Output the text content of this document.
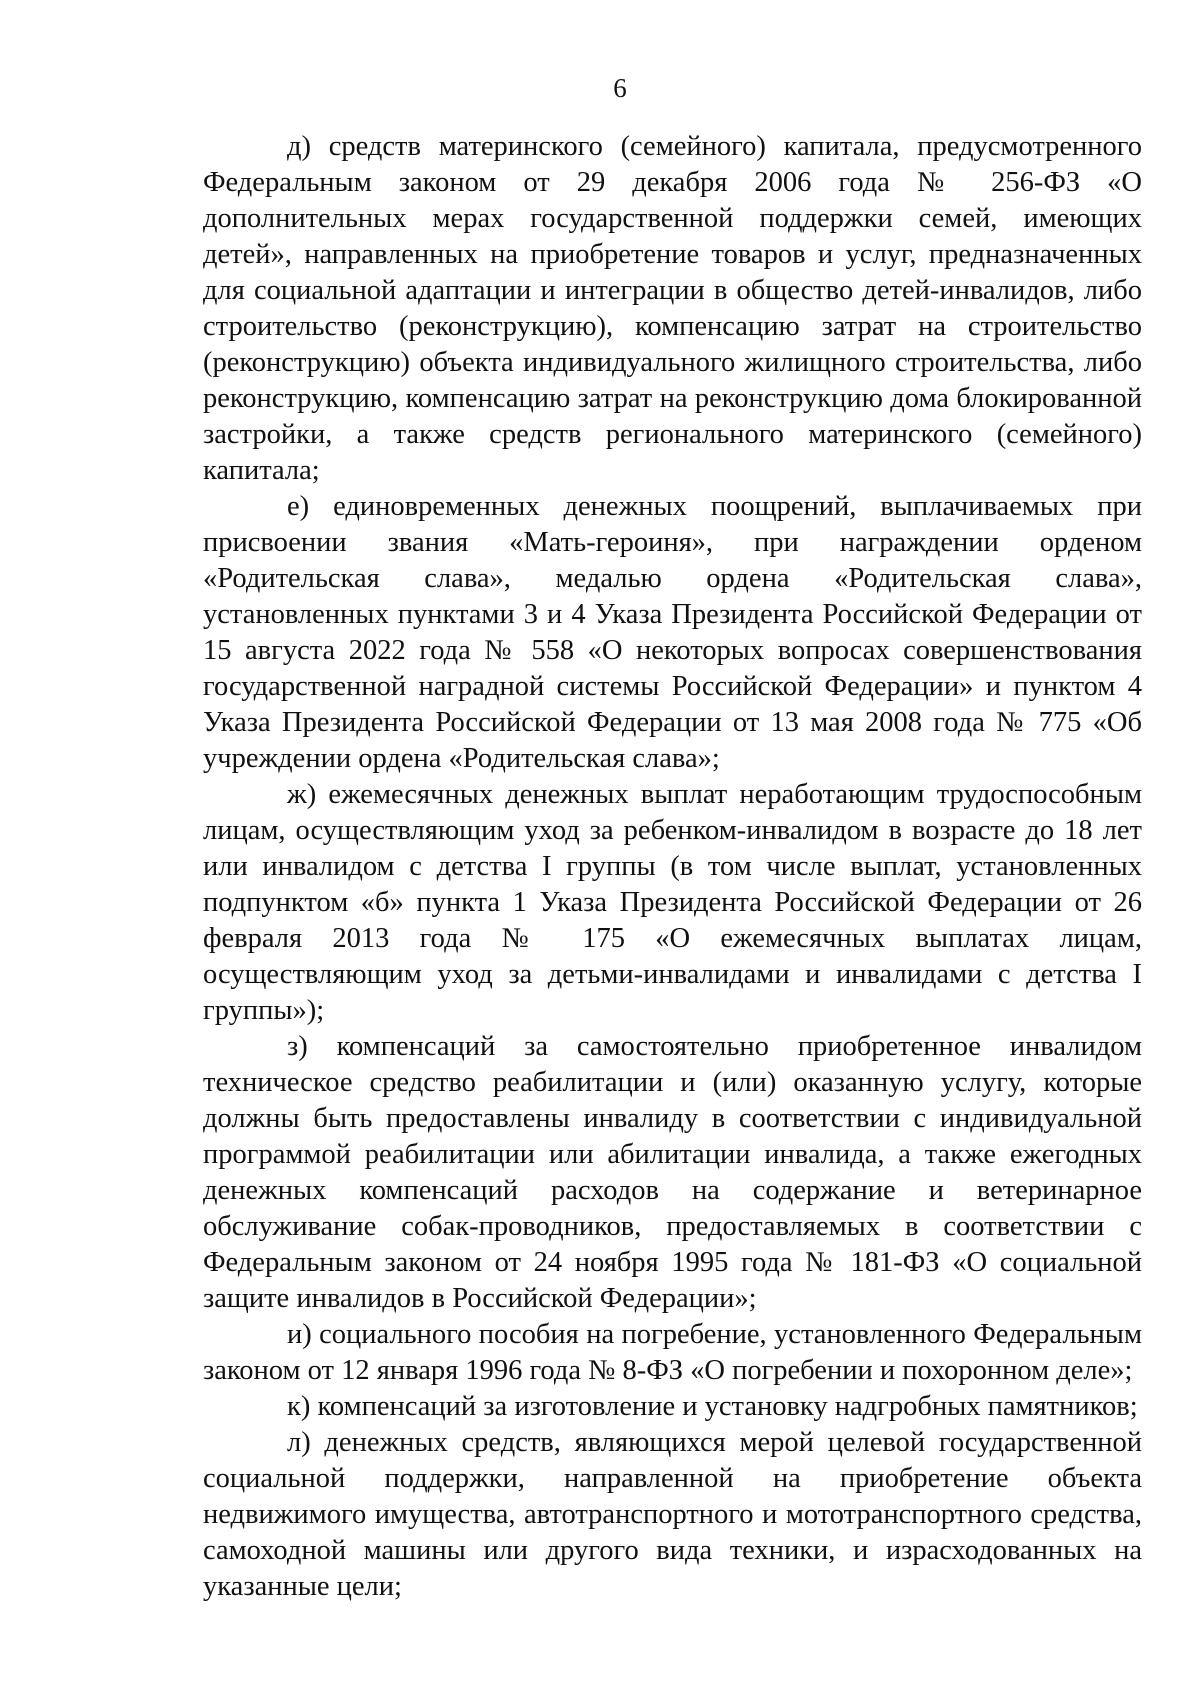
6

д) средств материнского (семейного) капитала, предусмотренного Федеральным законом от 29 декабря 2006 года № 256-ФЗ «О дополнительных мерах государственной поддержки семей, имеющих детей», направленных на приобретение товаров и услуг, предназначенных для социальной адаптации и интеграции в общество детей-инвалидов, либо строительство (реконструкцию), компенсацию затрат на строительство (реконструкцию) объекта индивидуального жилищного строительства, либо реконструкцию, компенсацию затрат на реконструкцию дома блокированной застройки, а также средств регионального материнского (семейного) капитала;

е) единовременных денежных поощрений, выплачиваемых при присвоении звания «Мать-героиня», при награждении орденом «Родительская слава», медалью ордена «Родительская слава», установленных пунктами 3 и 4 Указа Президента Российской Федерации от 15 августа 2022 года № 558 «О некоторых вопросах совершенствования государственной наградной системы Российской Федерации» и пунктом 4 Указа Президента Российской Федерации от 13 мая 2008 года № 775 «Об учреждении ордена «Родительская слава»;

ж) ежемесячных денежных выплат неработающим трудоспособным лицам, осуществляющим уход за ребенком-инвалидом в возрасте до 18 лет или инвалидом с детства I группы (в том числе выплат, установленных подпунктом «б» пункта 1 Указа Президента Российской Федерации от 26 февраля 2013 года № 175 «О ежемесячных выплатах лицам, осуществляющим уход за детьми-инвалидами и инвалидами с детства I группы»);

з) компенсаций за самостоятельно приобретенное инвалидом техническое средство реабилитации и (или) оказанную услугу, которые должны быть предоставлены инвалиду в соответствии с индивидуальной программой реабилитации или абилитации инвалида, а также ежегодных денежных компенсаций расходов на содержание и ветеринарное обслуживание собак-проводников, предоставляемых в соответствии с Федеральным законом от 24 ноября 1995 года № 181-ФЗ «О социальной защите инвалидов в Российской Федерации»;

и) социального пособия на погребение, установленного Федеральным законом от 12 января 1996 года № 8-ФЗ «О погребении и похоронном деле»;

к) компенсаций за изготовление и установку надгробных памятников;

л) денежных средств, являющихся мерой целевой государственной социальной поддержки, направленной на приобретение объекта недвижимого имущества, автотранспортного и мототранспортного средства, самоходной машины или другого вида техники, и израсходованных на указанные цели;
